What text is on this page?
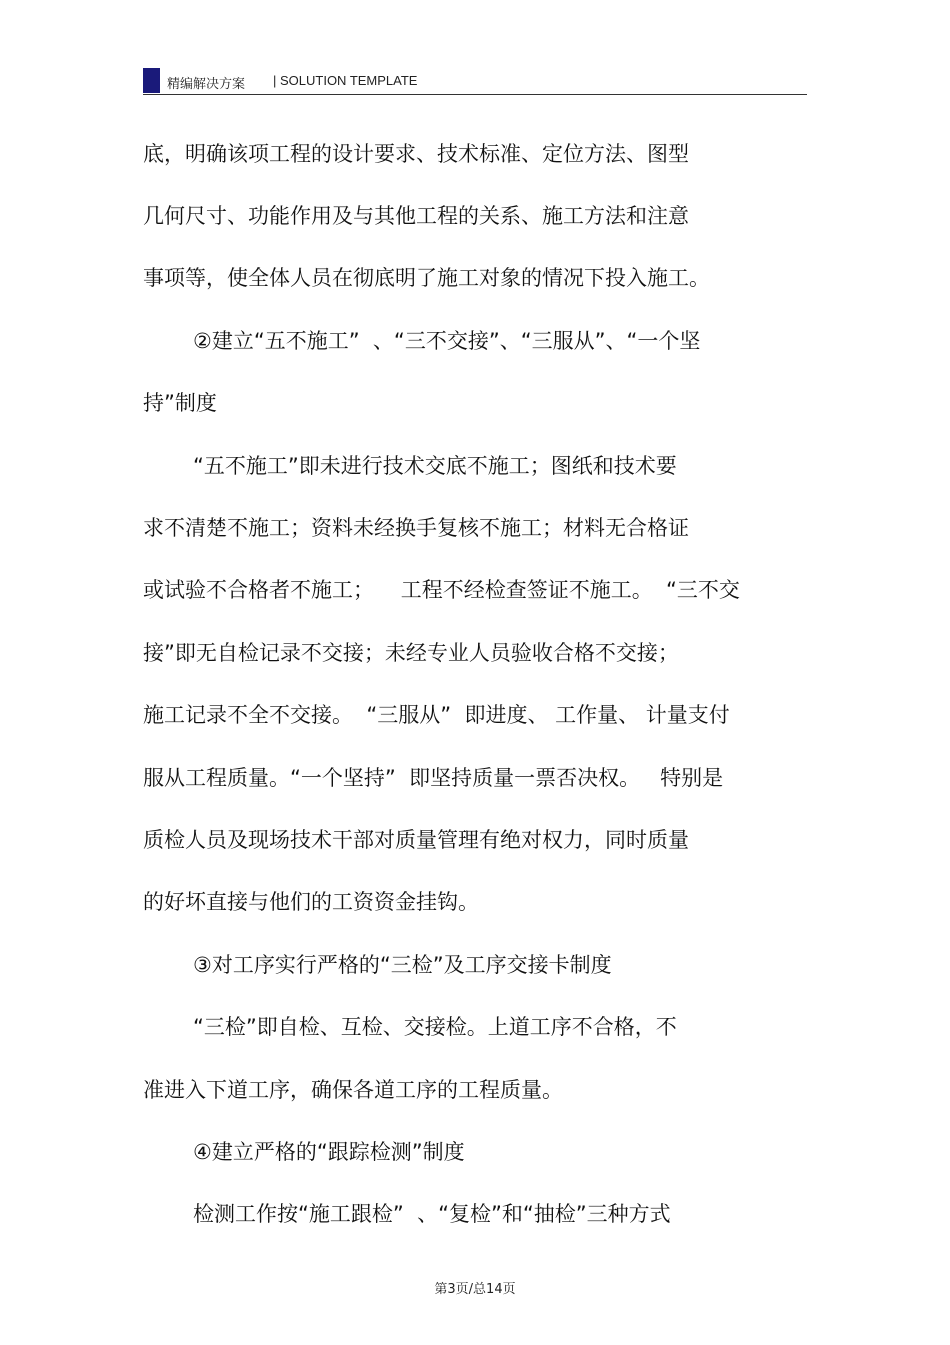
精编解决方案 | SOLUTION TEMPLATE
底，明确该项工程的设计要求、技术标准、定位方法、图型
几何尺寸、功能作用及与其他工程的关系、施工方法和注意
事项等，使全体人员在彻底明了施工对象的情况下投入施工。
②建立“五不施工”  、“三不交接”、“三服从”、“一个坚
持”制度
“五不施工”即未进行技术交底不施工；图纸和技术要
求不清楚不施工；资料未经换手复核不施工；材料无合格证
或试验不合格者不施工；    工程不经检查签证不施工。  “三不交
接”即无自检记录不交接；未经专业人员验收合格不交接；
施工记录不全不交接。  “三服从”  即进度、 工作量、 计量支付
服从工程质量。“一个坚持”  即坚持质量一票否决权。   特别是
质检人员及现场技术干部对质量管理有绝对权力，同时质量
的好坏直接与他们的工资资金挂钩。
③对工序实行严格的“三检”及工序交接卡制度
“三检”即自检、互检、交接检。上道工序不合格，不
准进入下道工序，确保各道工序的工程质量。
④建立严格的“跟踪检测”制度
检测工作按“施工跟检”  、“复检”和“抽检”三种方式
第3页/总14页
